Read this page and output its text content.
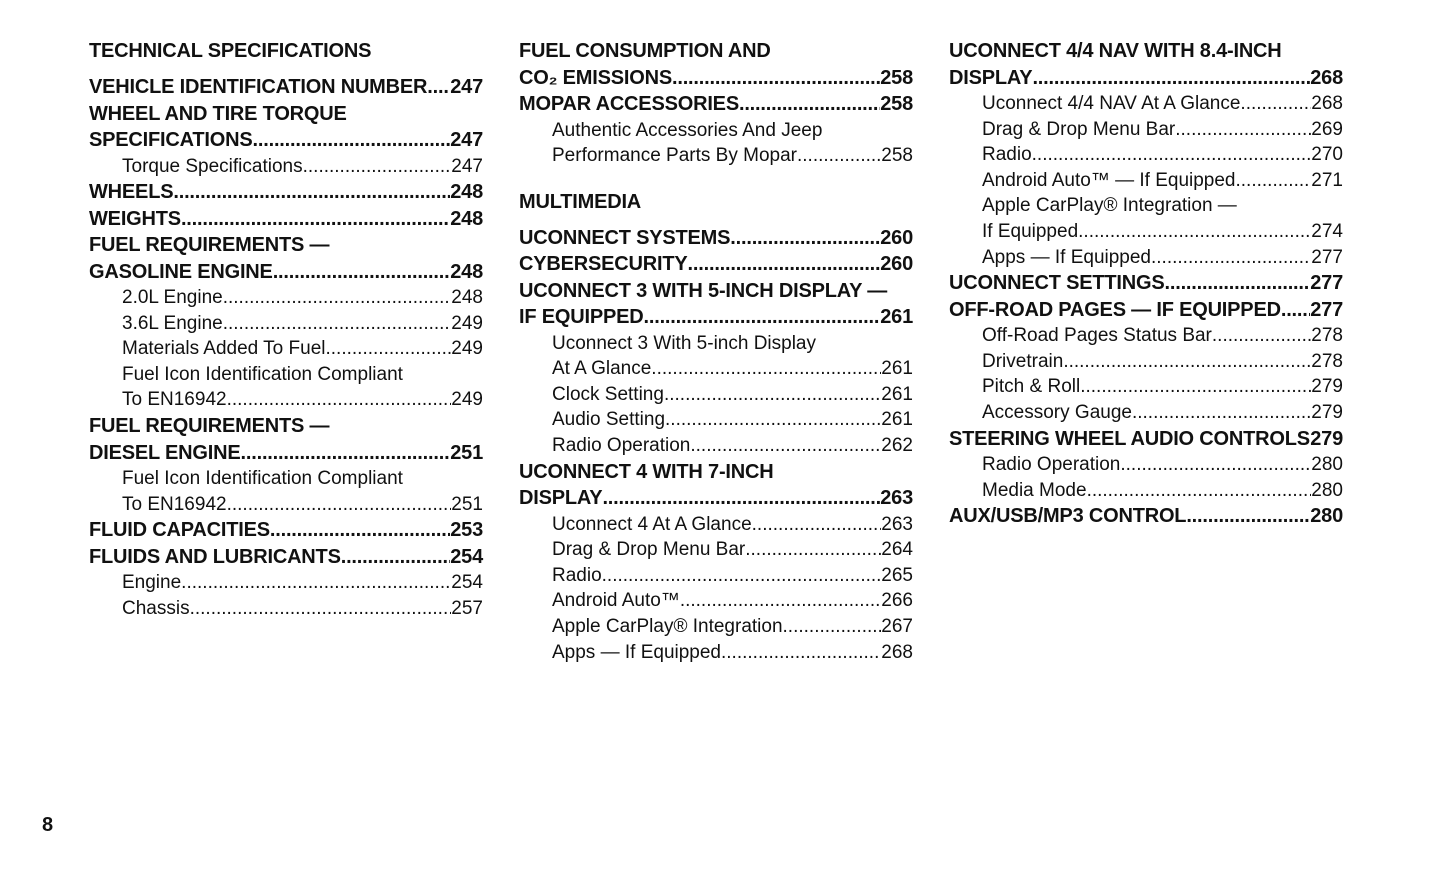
TECHNICAL SPECIFICATIONS
VEHICLE IDENTIFICATION NUMBER ..... 247
WHEEL AND TIRE TORQUE
SPECIFICATIONS .....	247
Torque Specifications .....	247
WHEELS .....	248
WEIGHTS .....	248
FUEL REQUIREMENTS —
GASOLINE ENGINE .....	248
2.0L Engine .....	248
3.6L Engine .....	249
Materials Added To Fuel .....	249
Fuel Icon Identification Compliant
To EN16942 .....	249
FUEL REQUIREMENTS —
DIESEL ENGINE .....	251
Fuel Icon Identification Compliant
To EN16942 .....	251
FLUID CAPACITIES .....	253
FLUIDS AND LUBRICANTS .....	254
Engine .....	254
Chassis .....	257
FUEL CONSUMPTION AND
CO₂ EMISSIONS .....	258
MOPAR ACCESSORIES .....	258
Authentic Accessories And Jeep
Performance Parts By Mopar .....	258
MULTIMEDIA
UCONNECT SYSTEMS .....	260
CYBERSECURITY .....	260
UCONNECT 3 WITH 5-INCH DISPLAY —
IF EQUIPPED .....	261
Uconnect 3 With 5-inch Display
At A Glance .....	261
Clock Setting .....	261
Audio Setting .....	261
Radio Operation .....	262
UCONNECT 4 WITH 7-INCH
DISPLAY .....	263
Uconnect 4 At A Glance .....	263
Drag & Drop Menu Bar .....	264
Radio .....	265
Android Auto™ .....	266
Apple CarPlay® Integration .....	267
Apps — If Equipped .....	268
UCONNECT 4/4 NAV WITH 8.4-INCH
DISPLAY .....	268
Uconnect 4/4 NAV At A Glance .....	268
Drag & Drop Menu Bar .....	269
Radio .....	270
Android Auto™ — If Equipped .....	271
Apple CarPlay® Integration —
If Equipped .....	274
Apps — If Equipped .....	277
UCONNECT SETTINGS .....	277
OFF-ROAD PAGES — IF EQUIPPED ..... 277
Off-Road Pages Status Bar .....	278
Drivetrain .....	278
Pitch & Roll .....	279
Accessory Gauge .....	279
STEERING WHEEL AUDIO CONTROLS ..... 279
Radio Operation .....	280
Media Mode .....	280
AUX/USB/MP3 CONTROL .....	280
8
